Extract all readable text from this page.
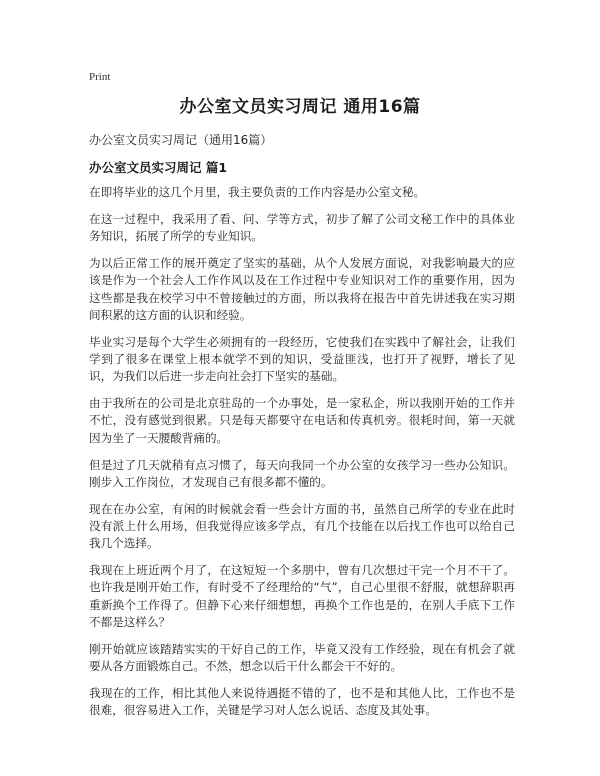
Print
办公室文员实习周记 通用16篇
办公室文员实习周记（通用16篇）
办公室文员实习周记 篇1

在即将毕业的这几个月里，我主要负责的工作内容是办公室文秘。

在这一过程中，我采用了看、问、学等方式，初步了解了公司文秘工作中的具体业务知识，拓展了所学的专业知识。

为以后正常工作的展开奠定了坚实的基础，从个人发展方面说，对我影响最大的应该是作为一个社会人工作作风以及在工作过程中专业知识对工作的重要作用，因为这些都是我在校学习中不曾接触过的方面，所以我将在报告中首先讲述我在实习期间积累的这方面的认识和经验。

毕业实习是每个大学生必须拥有的一段经历，它使我们在实践中了解社会，让我们学到了很多在课堂上根本就学不到的知识，受益匪浅，也打开了视野，增长了见识，为我们以后进一步走向社会打下坚实的基础。

由于我所在的公司是北京驻岛的一个办事处，是一家私企，所以我刚开始的工作并不忙，没有感觉到很累。只是每天都要守在电话和传真机旁。很耗时间，第一天就因为坐了一天腰酸背痛的。

但是过了几天就稍有点习惯了，每天向我同一个办公室的女孩学习一些办公知识。刚步入工作岗位，才发现自己有很多都不懂的。

现在在办公室，有闲的时候就会看一些会计方面的书，虽然自己所学的专业在此时没有派上什么用场，但我觉得应该多学点，有几个技能在以后找工作也可以给自己我几个选择。

我现在上班近两个月了，在这短短一个多朋中，曾有几次想过干完一个月不干了。也许我是刚开始工作，有时受不了经理给的“气”，自己心里很不舒服，就想辞职再重新换个工作得了。但静下心来仔细想想，再换个工作也是的，在别人手底下工作不都是这样么？

刚开始就应该踏踏实实的干好自己的工作，毕竟又没有工作经验，现在有机会了就要从各方面锻炼自己。不然，想念以后干什么都会干不好的。

我现在的工作，相比其他人来说待遇挺不错的了，也不是和其他人比，工作也不是很难，很容易进入工作，关键是学习对人怎么说话、态度及其处事。
